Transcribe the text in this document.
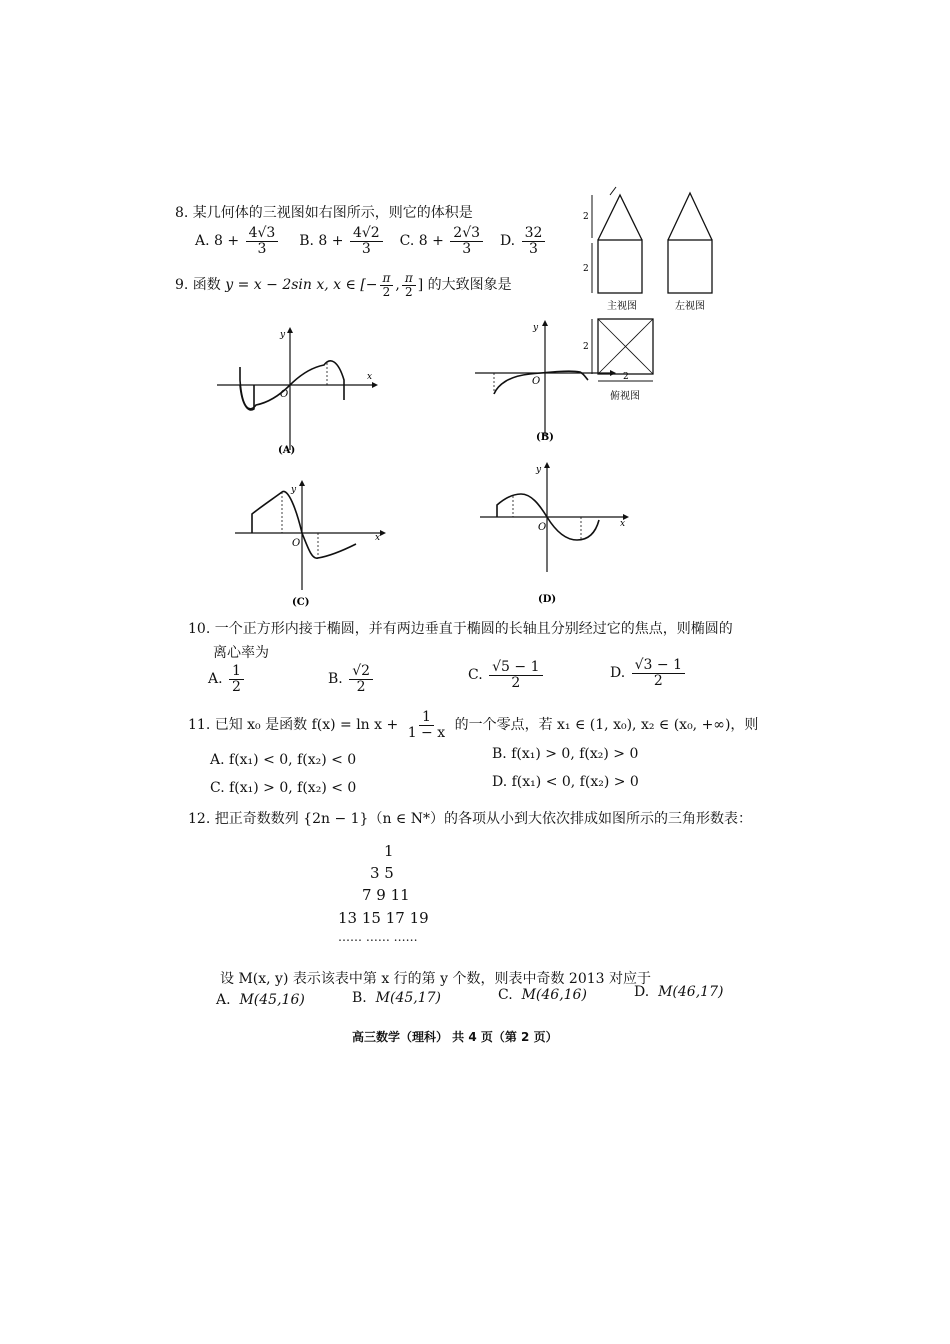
8. 某几何体的三视图如右图所示，则它的体积是
A. $8 + \frac{4√3}{3} B$. $8 + \frac{4√2}{3} C$. $8 + \frac{2√3}{3} D$. $\frac{32}{3}$
2
2
主视图	左视图
2
2
俯视图
9. 函数 y = x − 2sin x, x ∈ [− $\frac{\pi}{2}$ , $\frac{\pi}{2}$ ] 的大致图象是
x
y
O
(A)
y
O
(B)
y
O	x
(C)
y
O	x
(D)
10. 一个正方形内接于椭圆，并有两边垂直于椭圆的长轴且分别经过它的焦点，则椭圆的
离心率为
A. $\frac{1}{2}$	B. $\frac{√2}{2}$	C. $\frac{√5 - 1}{2}$	D. $\frac{√3 - 1}{2}$
11. 已知 x₀ 是函数 $f(x) = \ln x + \frac{1}{1 - x}$ 的一个零点，若 x₁ ∈ (1, x₀), x₂ ∈ (x₀, +∞)，则
A. f(x₁) < 0, f(x₂) < 0	B. f(x₁) > 0, f(x₂) > 0
C. f(x₁) > 0, f(x₂) < 0	D. f(x₁) < 0, f(x₂) > 0
12. 把正奇数数列 {2n − 1}（n ∈ N*）的各项从小到大依次排成如图所示的三角形数表：
1
3 5
7 9 11
13 15 17 19
…… …… ……
设 M(x, y) 表示该表中第 x 行的第 y 个数，则表中奇数 2013 对应于
A. M(45,16)	B. M(45,17)	C. M(46,16)	D. M(46,17)
高三数学（理科） 共 4 页（第 2 页）
